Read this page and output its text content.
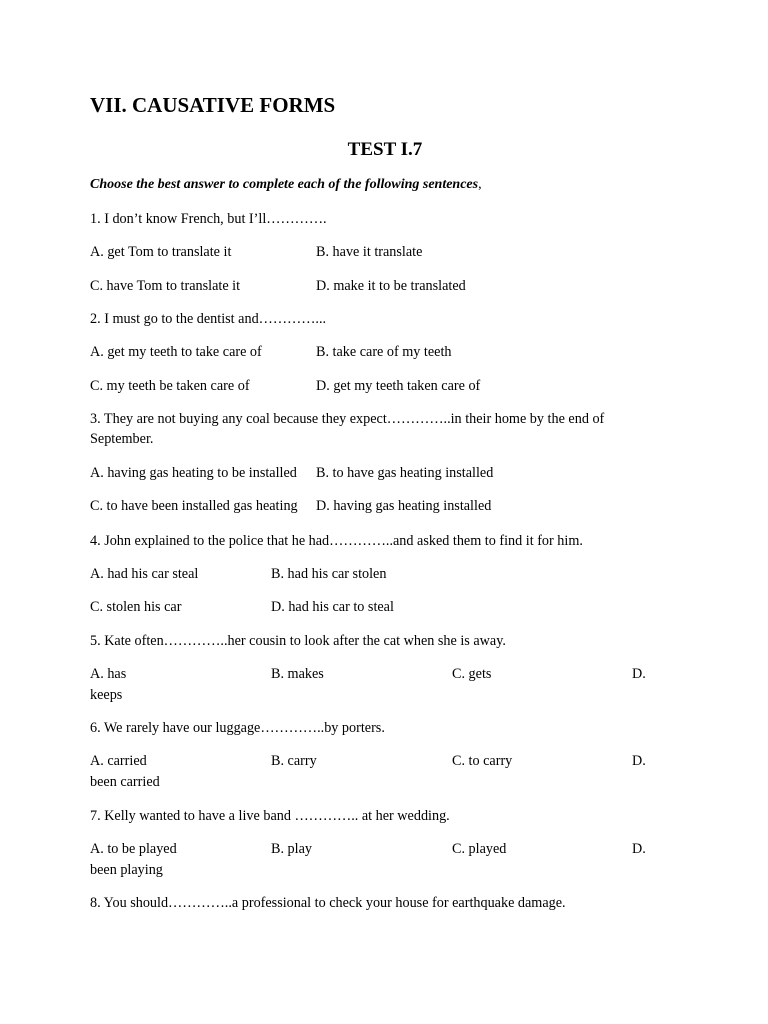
VII. CAUSATIVE FORMS
TEST I.7
Choose the best answer to complete each of the following sentences,
1. I don’t know French, but I’ll………….
A. get Tom to translate it	B. have it translate
C. have Tom to translate it	D. make it to be translated
2. I must go to the dentist and…………...
A. get my teeth to take care of	B. take care of my teeth
C. my teeth be taken care of	D. get my teeth taken care of
3. They are not buying any coal because they expect…………..in their home by the end of September.
A. having gas heating to be installed B. to have gas heating installed
C. to have been installed gas heating D. having gas heating installed
4. John explained to the police that he had…………..and asked them to find it for him.
A. had his car steal	B. had his car stolen
C. stolen his car	D. had his car to steal
5. Kate often…………..her cousin to look after the cat when she is away.
A. has	B. makes	C. gets	D.
keeps
6. We rarely have our luggage…………..by porters.
A. carried	B. carry	C. to carry	D.
been carried
7. Kelly wanted to have a live band ………….. at her wedding.
A. to be played	B. play	C. played	D.
been playing
8. You should…………..a professional to check your house for earthquake damage.
